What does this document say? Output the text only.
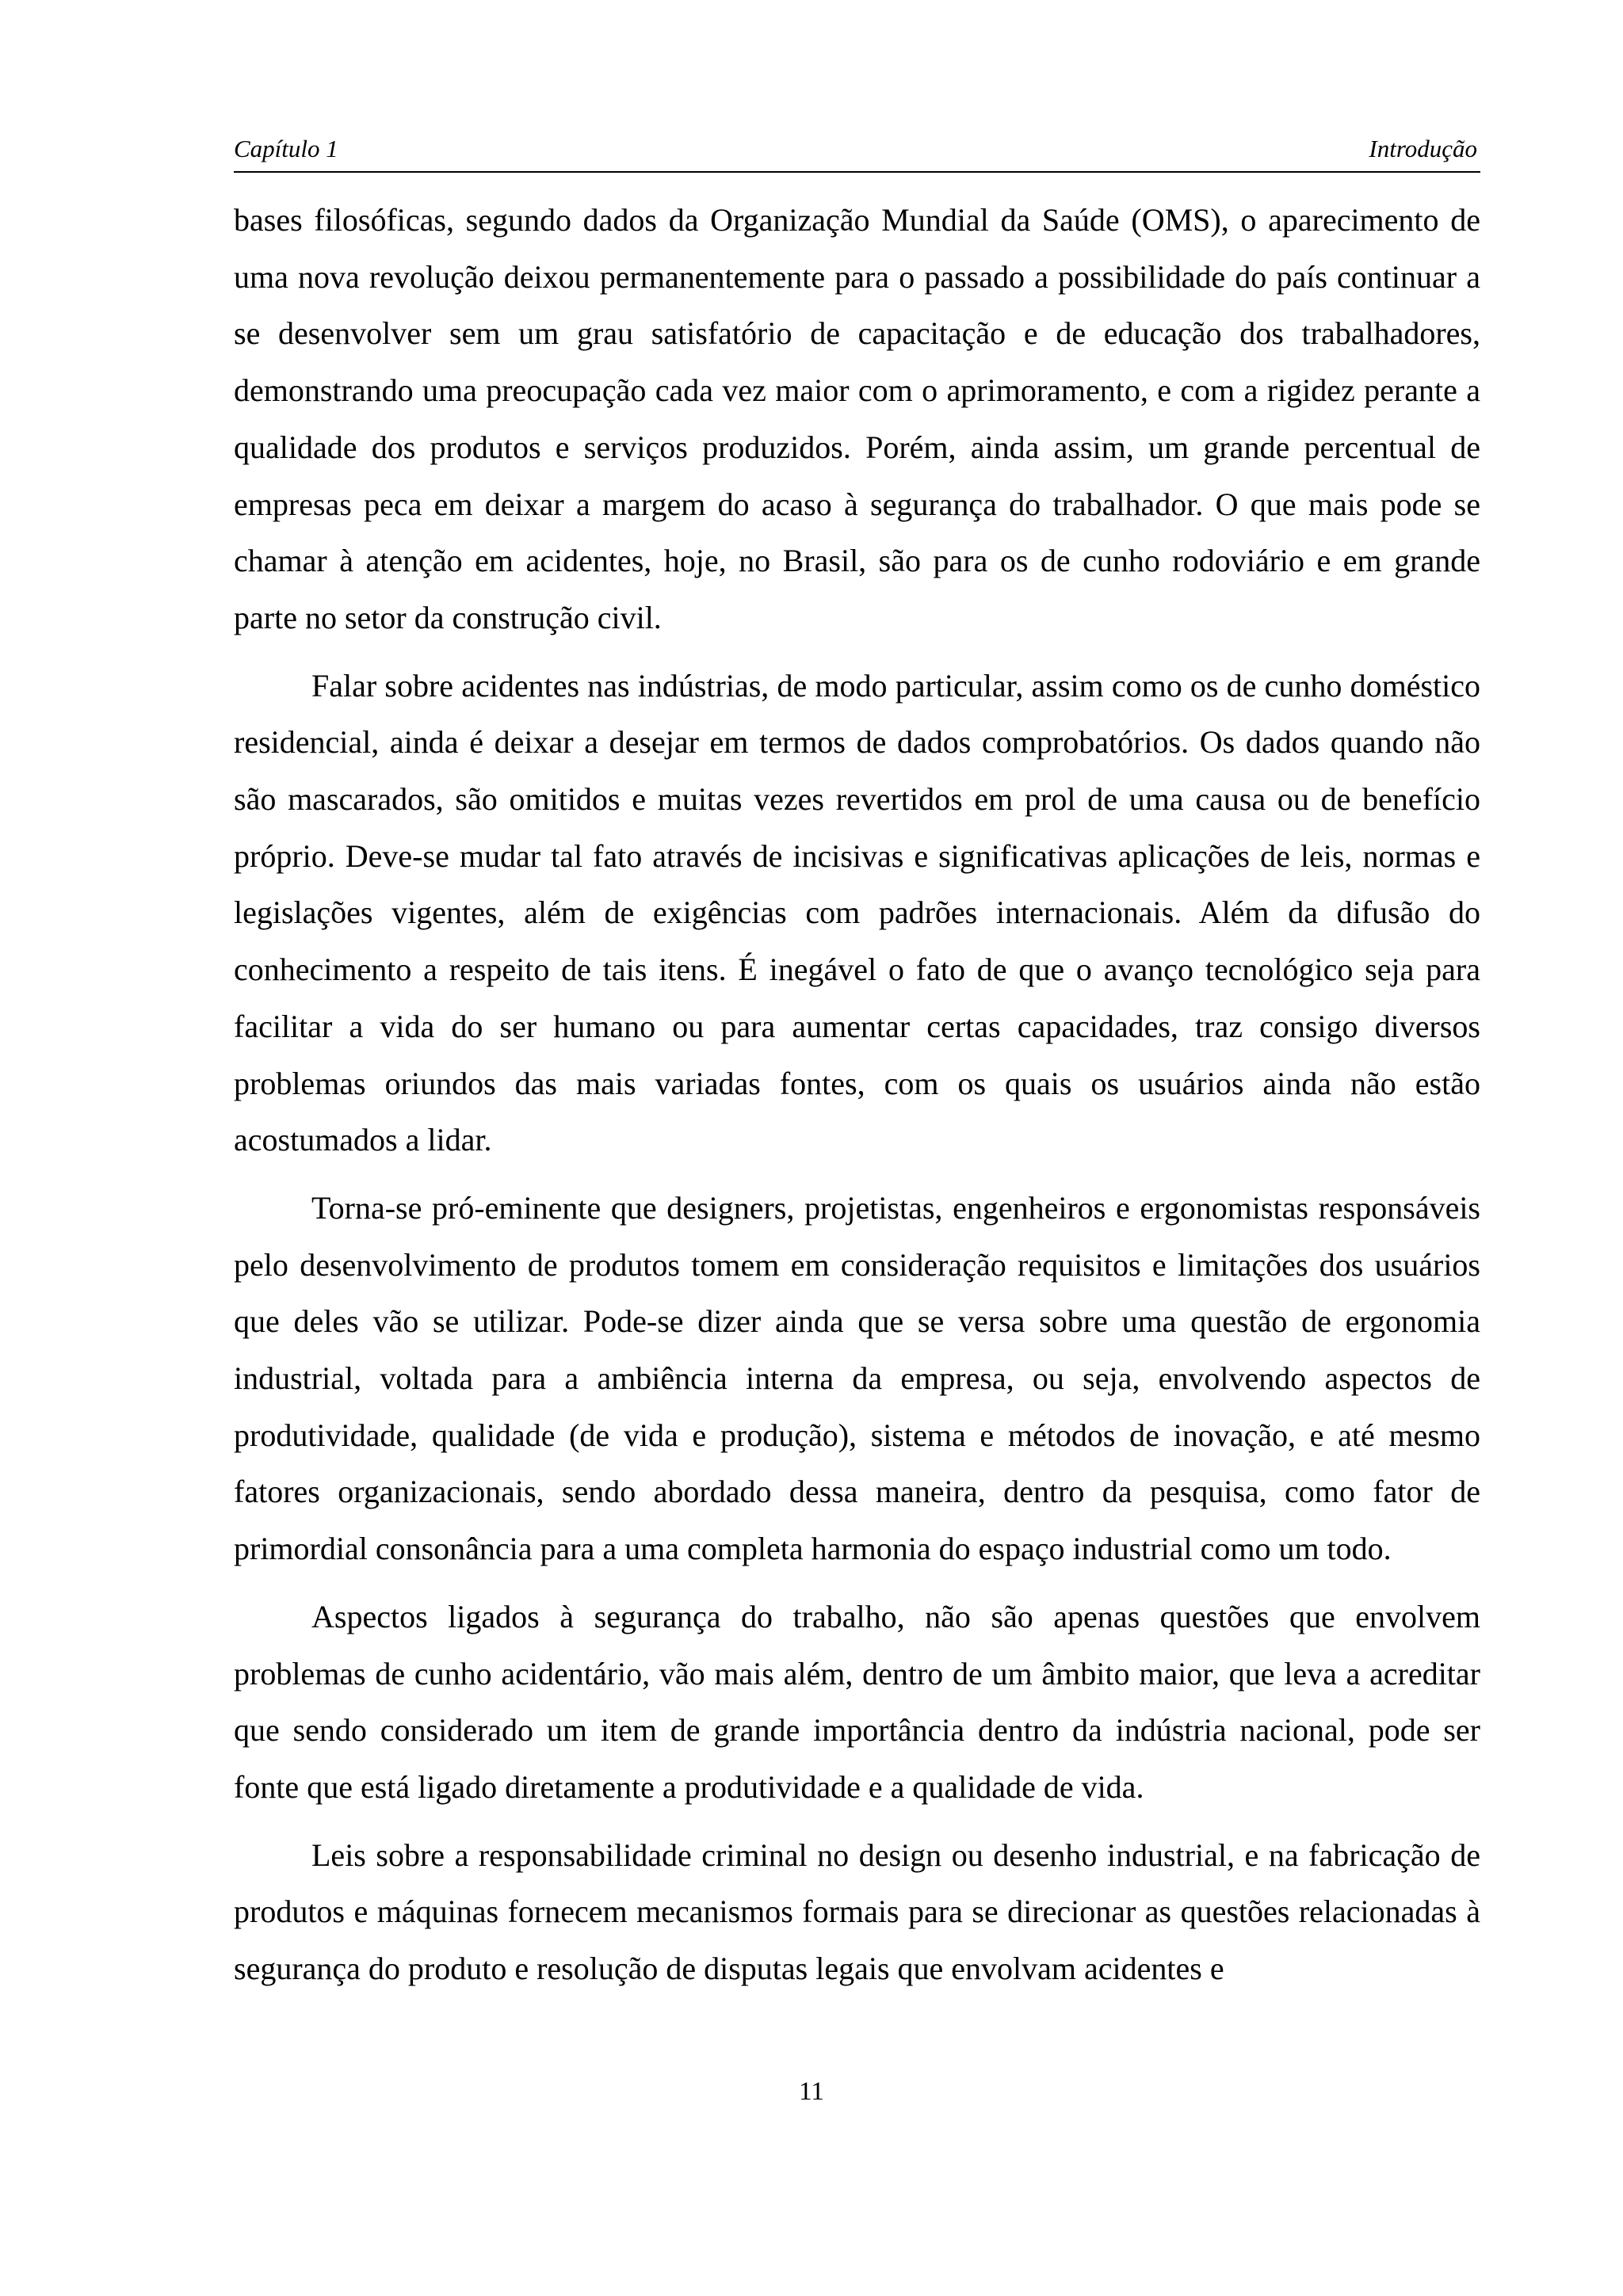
Capítulo 1	Introdução

bases filosóficas, segundo dados da Organização Mundial da Saúde (OMS), o aparecimento de uma nova revolução deixou permanentemente para o passado a possibilidade do país continuar a se desenvolver sem um grau satisfatório de capacitação e de educação dos trabalhadores, demonstrando uma preocupação cada vez maior com o aprimoramento, e com a rigidez perante a qualidade dos produtos e serviços produzidos. Porém, ainda assim, um grande percentual de empresas peca em deixar a margem do acaso à segurança do trabalhador. O que mais pode se chamar à atenção em acidentes, hoje, no Brasil, são para os de cunho rodoviário e em grande parte no setor da construção civil.

Falar sobre acidentes nas indústrias, de modo particular, assim como os de cunho doméstico residencial, ainda é deixar a desejar em termos de dados comprobatórios. Os dados quando não são mascarados, são omitidos e muitas vezes revertidos em prol de uma causa ou de benefício próprio. Deve-se mudar tal fato através de incisivas e significativas aplicações de leis, normas e legislações vigentes, além de exigências com padrões internacionais. Além da difusão do conhecimento a respeito de tais itens. É inegável o fato de que o avanço tecnológico seja para facilitar a vida do ser humano ou para aumentar certas capacidades, traz consigo diversos problemas oriundos das mais variadas fontes, com os quais os usuários ainda não estão acostumados a lidar.

Torna-se pró-eminente que designers, projetistas, engenheiros e ergonomistas responsáveis pelo desenvolvimento de produtos tomem em consideração requisitos e limitações dos usuários que deles vão se utilizar. Pode-se dizer ainda que se versa sobre uma questão de ergonomia industrial, voltada para a ambiência interna da empresa, ou seja, envolvendo aspectos de produtividade, qualidade (de vida e produção), sistema e métodos de inovação, e até mesmo fatores organizacionais, sendo abordado dessa maneira, dentro da pesquisa, como fator de primordial consonância para a uma completa harmonia do espaço industrial como um todo.

Aspectos ligados à segurança do trabalho, não são apenas questões que envolvem problemas de cunho acidentário, vão mais além, dentro de um âmbito maior, que leva a acreditar que sendo considerado um item de grande importância dentro da indústria nacional, pode ser fonte que está ligado diretamente a produtividade e a qualidade de vida.

Leis sobre a responsabilidade criminal no design ou desenho industrial, e na fabricação de produtos e máquinas fornecem mecanismos formais para se direcionar as questões relacionadas à segurança do produto e resolução de disputas legais que envolvam acidentes e

11
